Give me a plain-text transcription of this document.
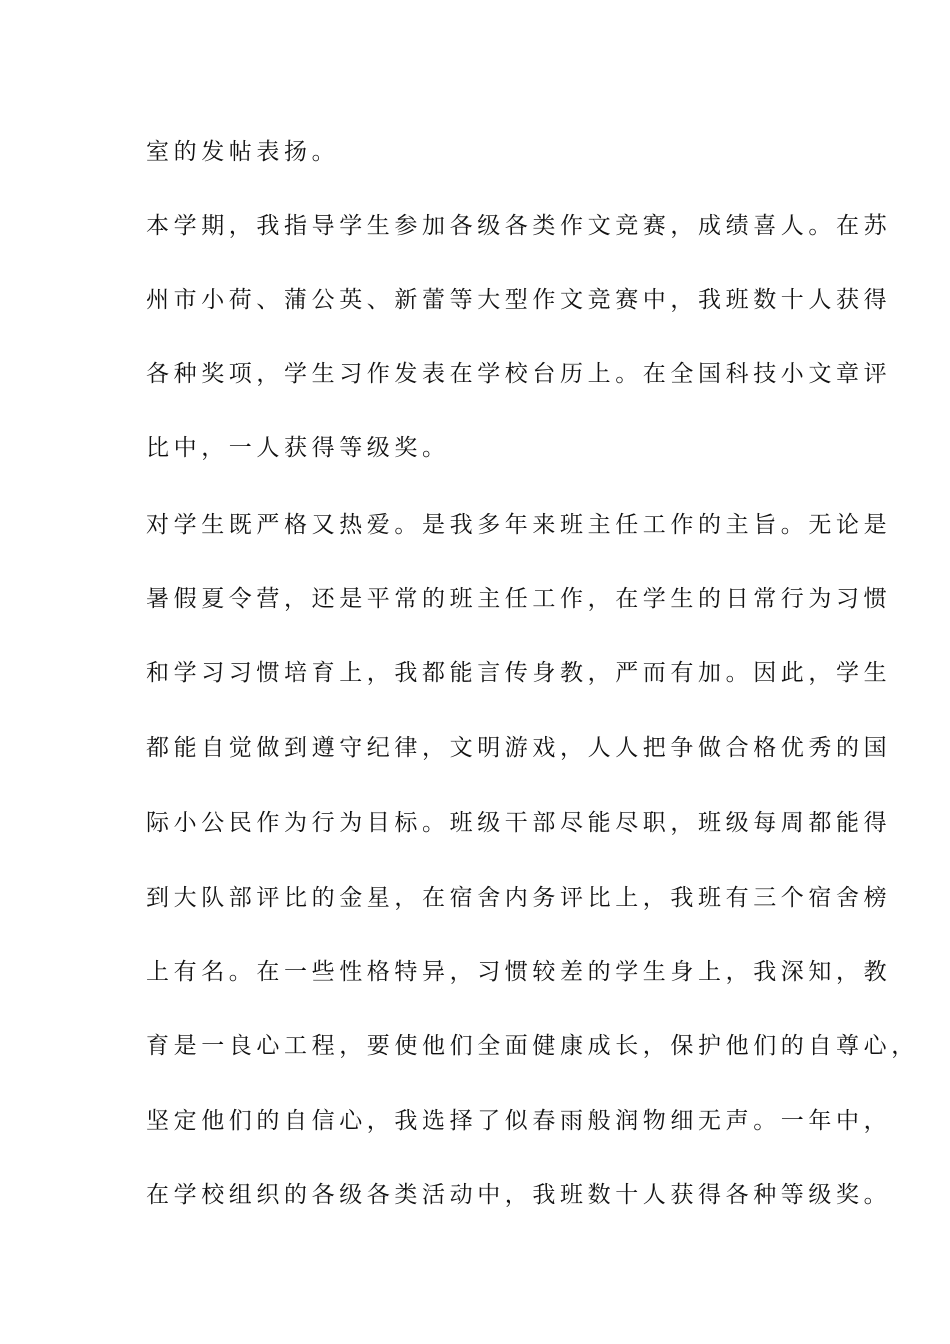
室的发帖表扬。
本学期，我指导学生参加各级各类作文竞赛，成绩喜人。在苏
州市小荷、蒲公英、新蕾等大型作文竞赛中，我班数十人获得
各种奖项，学生习作发表在学校台历上。在全国科技小文章评
比中，一人获得等级奖。
对学生既严格又热爱。是我多年来班主任工作的主旨。无论是
暑假夏令营，还是平常的班主任工作，在学生的日常行为习惯
和学习习惯培育上，我都能言传身教，严而有加。因此，学生
都能自觉做到遵守纪律，文明游戏，人人把争做合格优秀的国
际小公民作为行为目标。班级干部尽能尽职，班级每周都能得
到大队部评比的金星，在宿舍内务评比上，我班有三个宿舍榜
上有名。在一些性格特异，习惯较差的学生身上，我深知，教
育是一良心工程，要使他们全面健康成长，保护他们的自尊心，
坚定他们的自信心，我选择了似春雨般润物细无声。一年中，
在学校组织的各级各类活动中，我班数十人获得各种等级奖。
